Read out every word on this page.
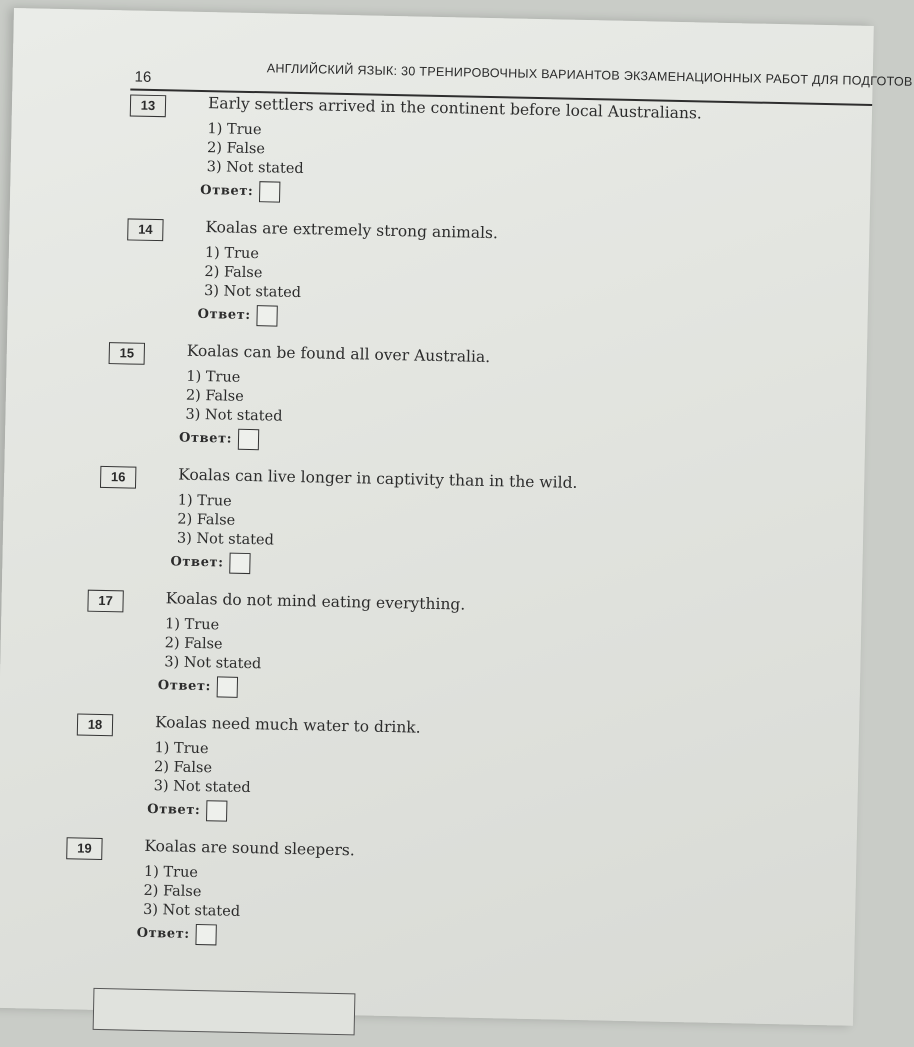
16	АНГЛИЙСКИЙ ЯЗЫК: 30 ТРЕНИРОВОЧНЫХ ВАРИАНТОВ ЭКЗАМЕНАЦИОННЫХ РАБОТ ДЛЯ ПОДГОТОВ
13	Early settlers arrived in the continent before local Australians.
1) True
2) False
3) Not stated
Ответ:
14	Koalas are extremely strong animals.
1) True
2) False
3) Not stated
Ответ:
15	Koalas can be found all over Australia.
1) True
2) False
3) Not stated
Ответ:
16	Koalas can live longer in captivity than in the wild.
1) True
2) False
3) Not stated
Ответ:
17	Koalas do not mind eating everything.
1) True
2) False
3) Not stated
Ответ:
18	Koalas need much water to drink.
1) True
2) False
3) Not stated
Ответ:
19	Koalas are sound sleepers.
1) True
2) False
3) Not stated
Ответ:
